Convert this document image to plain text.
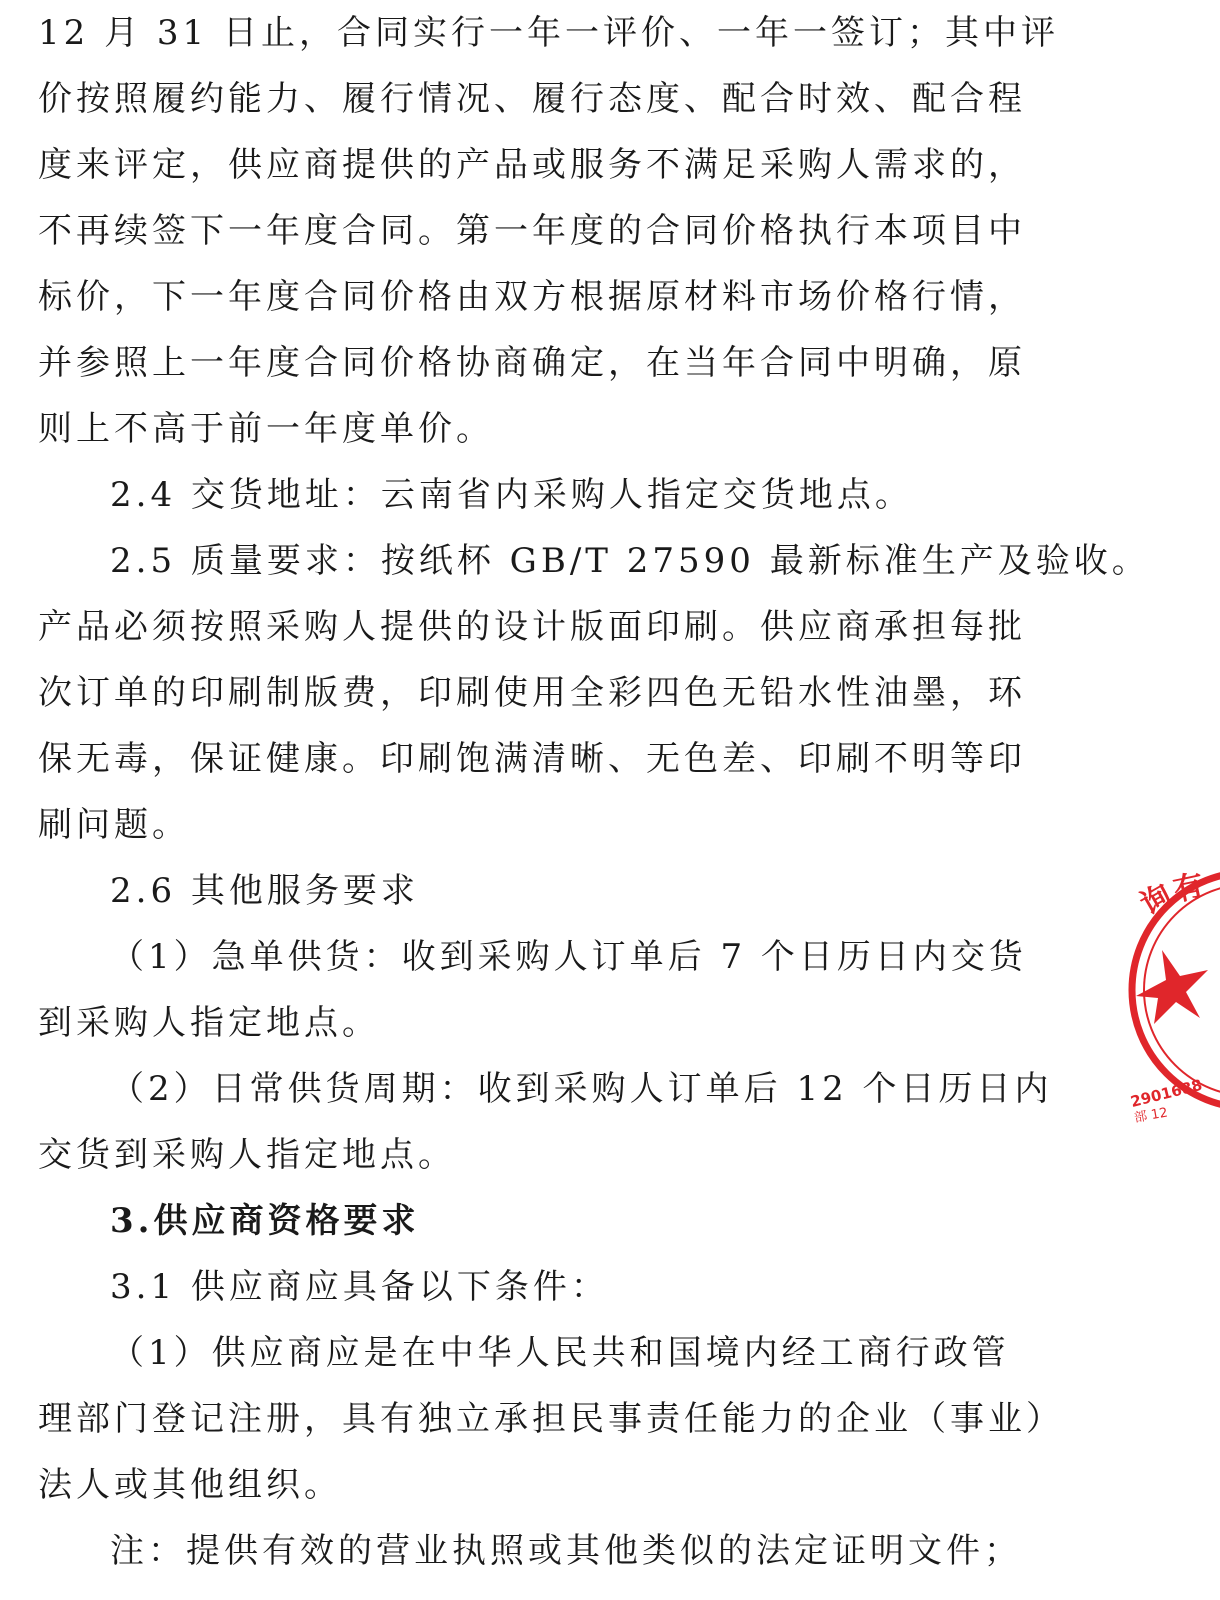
12 月 31 日止，合同实行一年一评价、一年一签订；其中评
价按照履约能力、履行情况、履行态度、配合时效、配合程
度来评定，供应商提供的产品或服务不满足采购人需求的，
不再续签下一年度合同。第一年度的合同价格执行本项目中
标价，下一年度合同价格由双方根据原材料市场价格行情，
并参照上一年度合同价格协商确定，在当年合同中明确，原
则上不高于前一年度单价。
2.4 交货地址：云南省内采购人指定交货地点。
2.5 质量要求：按纸杯 GB/T 27590 最新标准生产及验收。
产品必须按照采购人提供的设计版面印刷。供应商承担每批
次订单的印刷制版费，印刷使用全彩四色无铅水性油墨，环
保无毒，保证健康。印刷饱满清晰、无色差、印刷不明等印
刷问题。
2.6 其他服务要求
（1）急单供货：收到采购人订单后 7 个日历日内交货
到采购人指定地点。
（2）日常供货周期：收到采购人订单后 12 个日历日内
交货到采购人指定地点。
3.供应商资格要求
3.1 供应商应具备以下条件：
（1）供应商应是在中华人民共和国境内经工商行政管
理部门登记注册，具有独立承担民事责任能力的企业（事业）
法人或其他组织。
注：提供有效的营业执照或其他类似的法定证明文件；
询
有
2901688
部 12
